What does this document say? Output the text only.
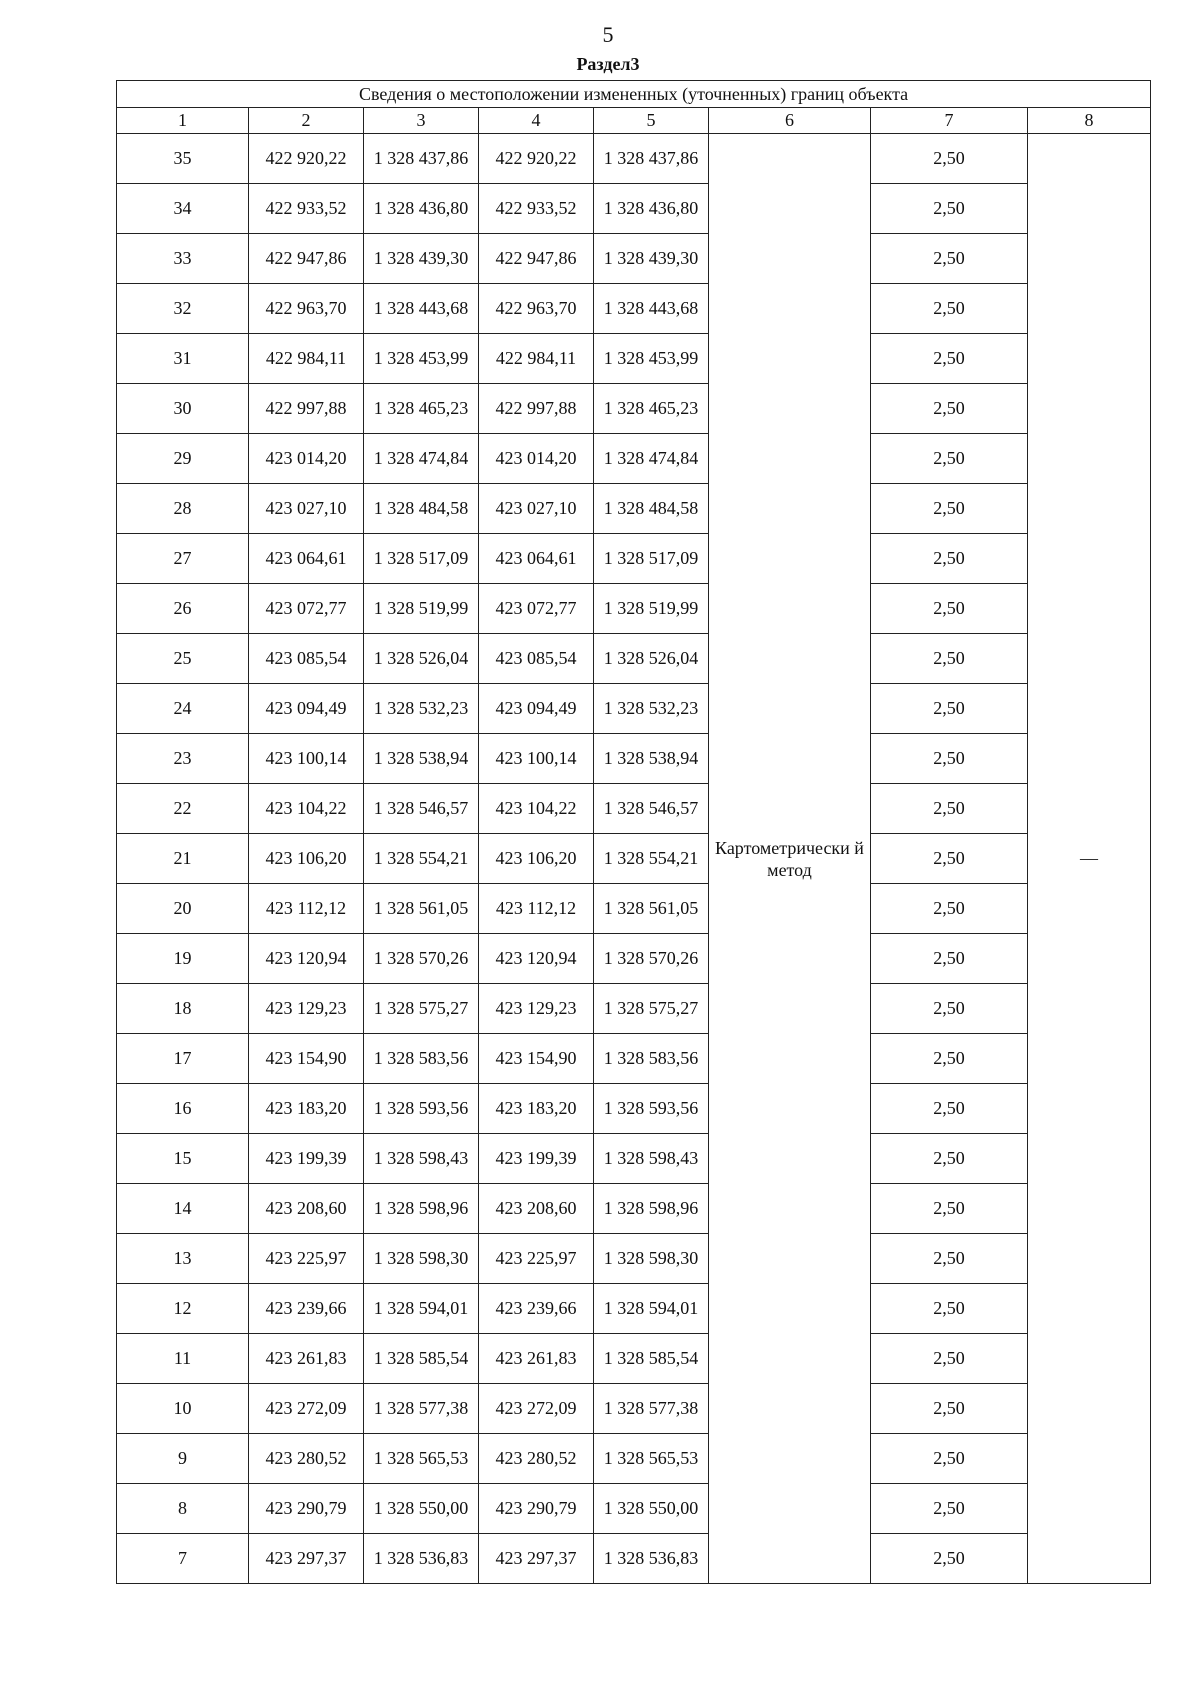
5
Раздел3
Сведения о местоположении измененных (уточненных) границ объекта							
1	2	3	4	5	6	7	8
35	422 920,22	1 328 437,86	422 920,22	1 328 437,86	Картометрически й метод	2,50	—
34	422 933,52	1 328 436,80	422 933,52	1 328 436,80		2,50	
33	422 947,86	1 328 439,30	422 947,86	1 328 439,30		2,50	
32	422 963,70	1 328 443,68	422 963,70	1 328 443,68		2,50	
31	422 984,11	1 328 453,99	422 984,11	1 328 453,99		2,50	
30	422 997,88	1 328 465,23	422 997,88	1 328 465,23		2,50	
29	423 014,20	1 328 474,84	423 014,20	1 328 474,84		2,50	
28	423 027,10	1 328 484,58	423 027,10	1 328 484,58		2,50	
27	423 064,61	1 328 517,09	423 064,61	1 328 517,09		2,50	
26	423 072,77	1 328 519,99	423 072,77	1 328 519,99		2,50	
25	423 085,54	1 328 526,04	423 085,54	1 328 526,04		2,50	
24	423 094,49	1 328 532,23	423 094,49	1 328 532,23		2,50	
23	423 100,14	1 328 538,94	423 100,14	1 328 538,94		2,50	
22	423 104,22	1 328 546,57	423 104,22	1 328 546,57		2,50	
21	423 106,20	1 328 554,21	423 106,20	1 328 554,21		2,50	
20	423 112,12	1 328 561,05	423 112,12	1 328 561,05		2,50	
19	423 120,94	1 328 570,26	423 120,94	1 328 570,26		2,50	
18	423 129,23	1 328 575,27	423 129,23	1 328 575,27		2,50	
17	423 154,90	1 328 583,56	423 154,90	1 328 583,56		2,50	
16	423 183,20	1 328 593,56	423 183,20	1 328 593,56		2,50	
15	423 199,39	1 328 598,43	423 199,39	1 328 598,43		2,50	
14	423 208,60	1 328 598,96	423 208,60	1 328 598,96		2,50	
13	423 225,97	1 328 598,30	423 225,97	1 328 598,30		2,50	
12	423 239,66	1 328 594,01	423 239,66	1 328 594,01		2,50	
11	423 261,83	1 328 585,54	423 261,83	1 328 585,54		2,50	
10	423 272,09	1 328 577,38	423 272,09	1 328 577,38		2,50	
9	423 280,52	1 328 565,53	423 280,52	1 328 565,53		2,50	
8	423 290,79	1 328 550,00	423 290,79	1 328 550,00		2,50	
7	423 297,37	1 328 536,83	423 297,37	1 328 536,83		2,50	
